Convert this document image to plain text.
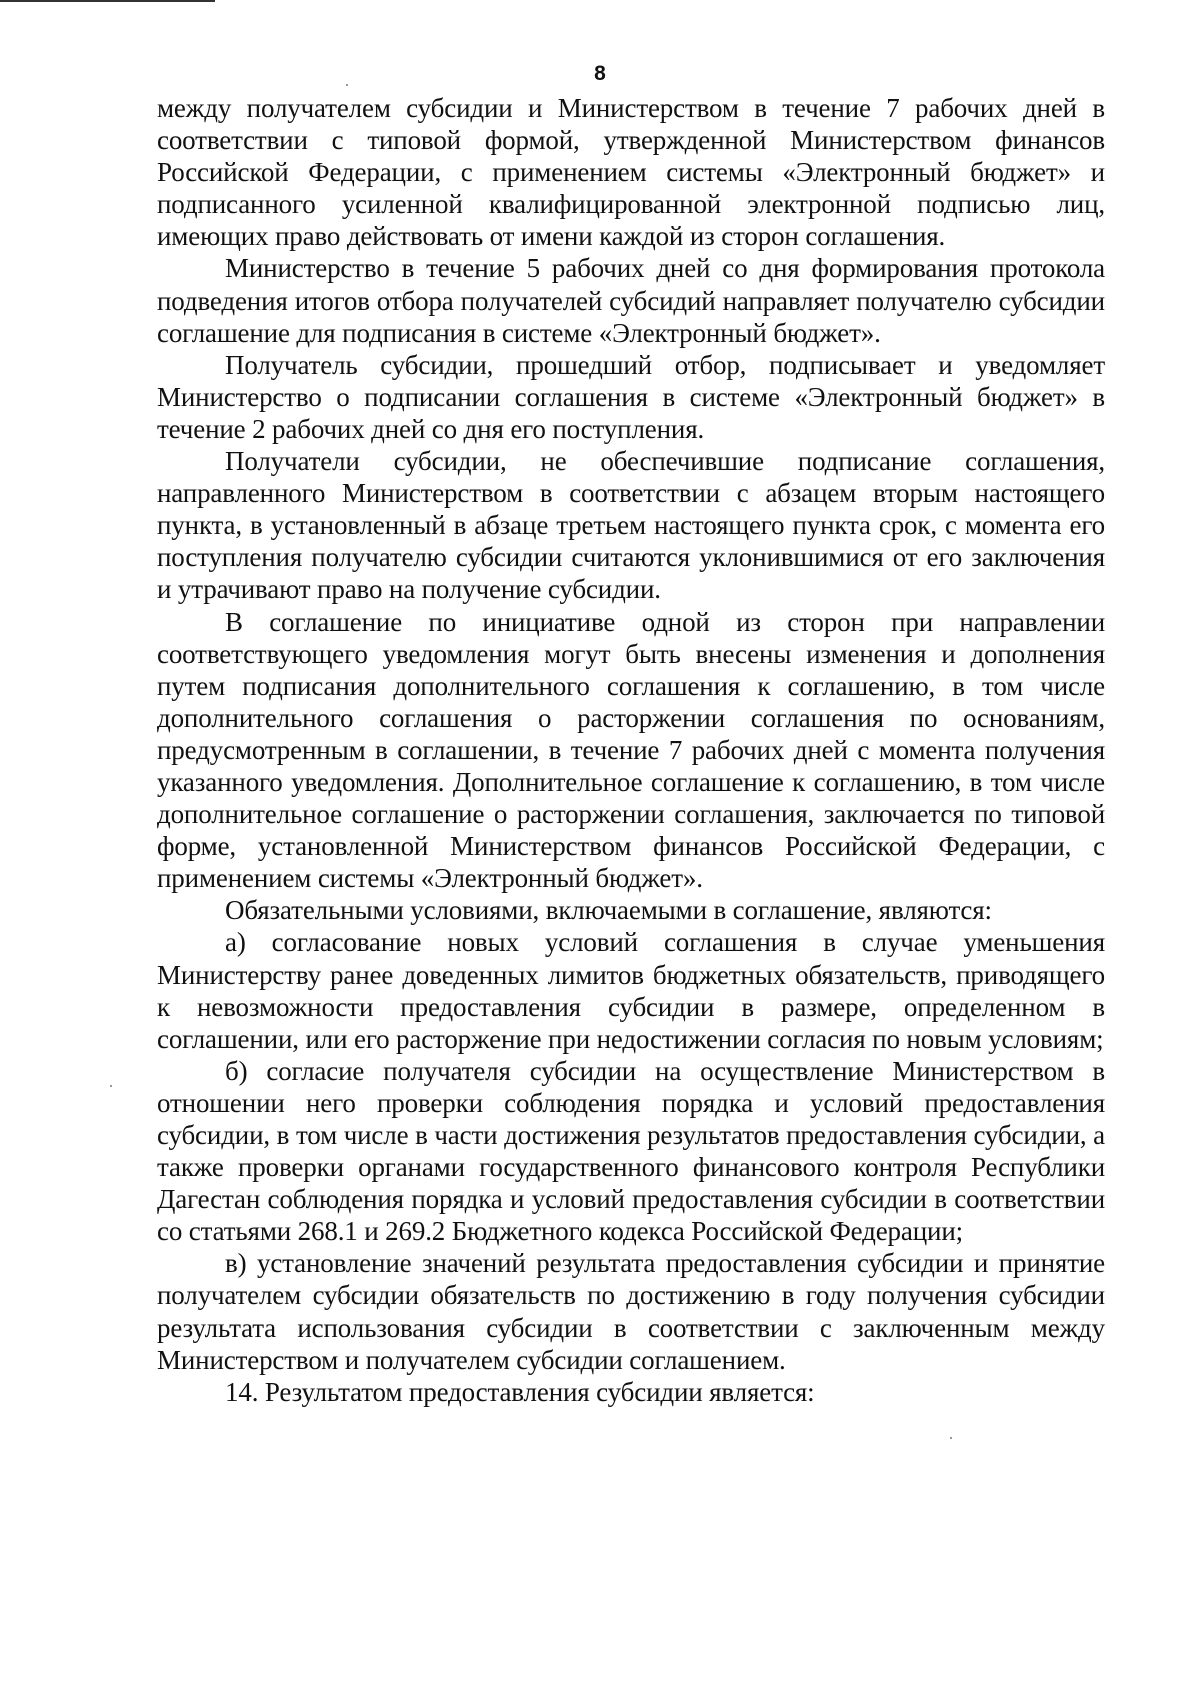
8

между получателем субсидии и Министерством в течение 7 рабочих дней в соответствии с типовой формой, утвержденной Министерством финансов Российской Федерации, с применением системы «Электронный бюджет» и подписанного усиленной квалифицированной электронной подписью лиц, имеющих право действовать от имени каждой из сторон соглашения.

Министерство в течение 5 рабочих дней со дня формирования протокола подведения итогов отбора получателей субсидий направляет получателю субсидии соглашение для подписания в системе «Электронный бюджет».

Получатель субсидии, прошедший отбор, подписывает и уведомляет Министерство о подписании соглашения в системе «Электронный бюджет» в течение 2 рабочих дней со дня его поступления.

Получатели субсидии, не обеспечившие подписание соглашения, направленного Министерством в соответствии с абзацем вторым настоящего пункта, в установленный в абзаце третьем настоящего пункта срок, с момента его поступления получателю субсидии считаются уклонившимися от его заключения и утрачивают право на получение субсидии.

В соглашение по инициативе одной из сторон при направлении соответствующего уведомления могут быть внесены изменения и дополнения путем подписания дополнительного соглашения к соглашению, в том числе дополнительного соглашения о расторжении соглашения по основаниям, предусмотренным в соглашении, в течение 7 рабочих дней с момента получения указанного уведомления. Дополнительное соглашение к соглашению, в том числе дополнительное соглашение о расторжении соглашения, заключается по типовой форме, установленной Министерством финансов Российской Федерации, с применением системы «Электронный бюджет».

Обязательными условиями, включаемыми в соглашение, являются:

а) согласование новых условий соглашения в случае уменьшения Министерству ранее доведенных лимитов бюджетных обязательств, приводящего к невозможности предоставления субсидии в размере, определенном в соглашении, или его расторжение при недостижении согласия по новым условиям;

б) согласие получателя субсидии на осуществление Министерством в отношении него проверки соблюдения порядка и условий предоставления субсидии, в том числе в части достижения результатов предоставления субсидии, а также проверки органами государственного финансового контроля Республики Дагестан соблюдения порядка и условий предоставления субсидии в соответствии со статьями 268.1 и 269.2 Бюджетного кодекса Российской Федерации;

в) установление значений результата предоставления субсидии и принятие получателем субсидии обязательств по достижению в году получения субсидии результата использования субсидии в соответствии с заключенным между Министерством и получателем субсидии соглашением.

14. Результатом предоставления субсидии является:
